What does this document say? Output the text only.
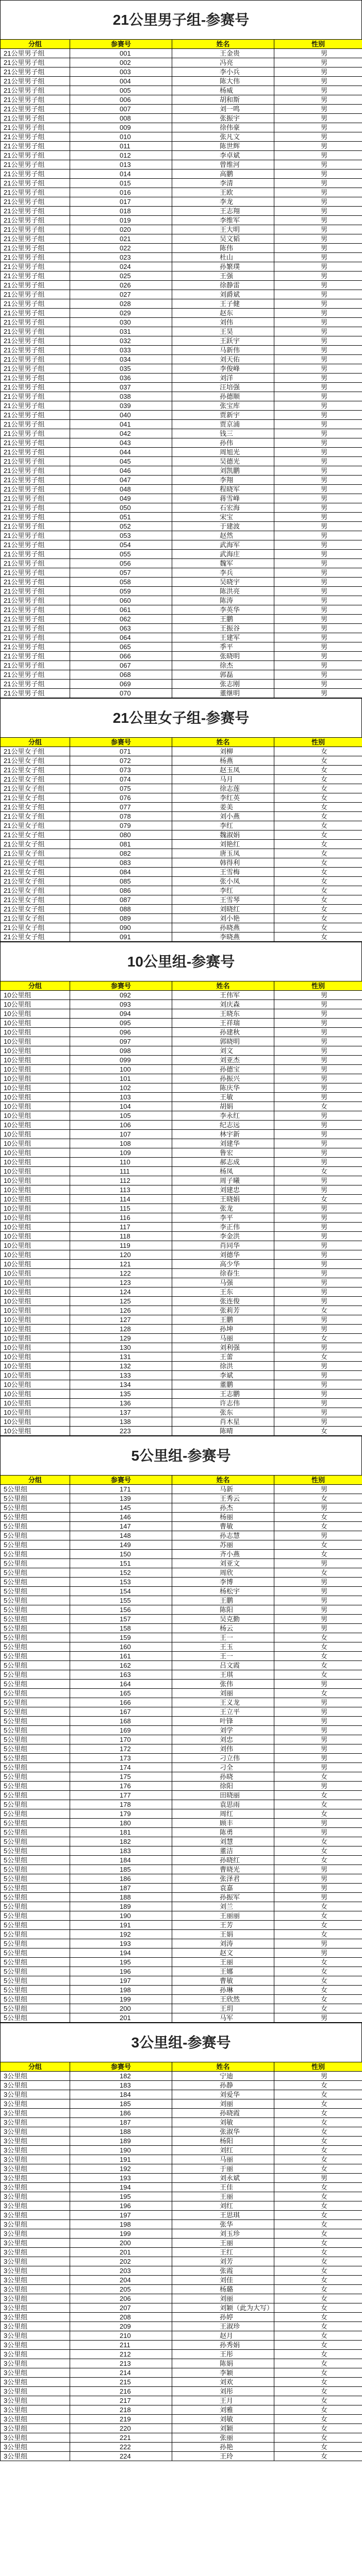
21公里男子组-参赛号
分组	参赛号	姓名	性别
21公里男子组	001	王金贵	男
21公里男子组	002	冯亮	男
21公里男子组	003	李小兵	男
21公里男子组	004	陈大伟	男
21公里男子组	005	杨威	男
21公里男子组	006	胡和斯	男
21公里男子组	007	刘一鸣	男
21公里男子组	008	张振宇	男
21公里男子组	009	徐伟豪	男
21公里男子组	010	张凡文	男
21公里男子组	011	陈世辉	男
21公里男子组	012	李卓斌	男
21公里男子组	013	曾维河	男
21公里男子组	014	高鹏	男
21公里男子组	015	李清	男
21公里男子组	016	王欧	男
21公里男子组	017	李龙	男
21公里男子组	018	王志翔	男
21公里男子组	019	李维军	男
21公里男子组	020	王大明	男
21公里男子组	021	吴文韬	男
21公里男子组	022	陈伟	男
21公里男子组	023	杜山	男
21公里男子组	024	孙繁璞	男
21公里男子组	025	王强	男
21公里男子组	026	徐静雷	男
21公里男子组	027	刘爵斌	男
21公里男子组	028	王子健	男
21公里男子组	029	赵东	男
21公里男子组	030	刘伟	男
21公里男子组	031	王昊	男
21公里男子组	032	王跃宇	男
21公里男子组	033	马新伟	男
21公里男子组	034	刘天佑	男
21公里男子组	035	李俊峰	男
21公里男子组	036	刘洋	男
21公里男子组	037	汪培强	男
21公里男子组	038	孙德顺	男
21公里男子组	039	张宝库	男
21公里男子组	040	贾新宇	男
21公里男子组	041	贾京浦	男
21公里男子组	042	钱三	男
21公里男子组	043	孙伟	男
21公里男子组	044	周旭光	男
21公里男子组	045	吴德光	男
21公里男子组	046	刘凯鹏	男
21公里男子组	047	李翔	男
21公里男子组	048	程晓军	男
21公里男子组	049	蒋雪峰	男
21公里男子组	050	石宏海	男
21公里男子组	051	宋宝	男
21公里男子组	052	于建波	男
21公里男子组	053	赵然	男
21公里男子组	054	武海军	男
21公里男子组	055	武海庄	男
21公里男子组	056	魏军	男
21公里男子组	057	李兵	男
21公里男子组	058	吴晓宇	男
21公里男子组	059	陈洪亮	男
21公里男子组	060	陈涛	男
21公里男子组	061	李英华	男
21公里男子组	062	王鹏	男
21公里男子组	063	王振谷	男
21公里男子组	064	王建军	男
21公里男子组	065	季平	男
21公里男子组	066	张晓明	男
21公里男子组	067	徐杰	男
21公里男子组	068	郭磊	男
21公里男子组	069	张志刚	男
21公里男子组	070	董继明	男
21公里女子组-参赛号
分组	参赛号	姓名	性别
21公里女子组	071	刘柳	女
21公里女子组	072	杨燕	女
21公里女子组	073	赵玉凤	女
21公里女子组	074	马月	女
21公里女子组	075	徐志莲	女
21公里女子组	076	李红英	女
21公里女子组	077	姜美	女
21公里女子组	078	刘小燕	女
21公里女子组	079	李红	女
21公里女子组	080	魏淑娟	女
21公里女子组	081	刘艳红	女
21公里女子组	082	唐玉凤	女
21公里女子组	083	韩得利	女
21公里女子组	084	王雪梅	女
21公里女子组	085	张小凤	女
21公里女子组	086	李红	女
21公里女子组	087	王雪琴	女
21公里女子组	088	刘晓红	女
21公里女子组	089	刘小艳	女
21公里女子组	090	孙晓燕	女
21公里女子组	091	李晓燕	女
10公里组-参赛号
分组	参赛号	姓名	性别
10公里组	092	王伟军	男
10公里组	093	刘庆森	男
10公里组	094	王晓东	男
10公里组	095	王祥瑞	男
10公里组	096	孙建秋	男
10公里组	097	郭晓明	男
10公里组	098	刘文	男
10公里组	099	刘亚杰	男
10公里组	100	孙德宝	男
10公里组	101	孙振兴	男
10公里组	102	陈庆华	男
10公里组	103	王敏	男
10公里组	104	胡娟	女
10公里组	105	李永红	男
10公里组	106	纪志远	男
10公里组	107	林宇新	男
10公里组	108	刘建华	男
10公里组	109	鲁宏	男
10公里组	110	郝志成	男
10公里组	111	杨凤	女
10公里组	112	周子曦	男
10公里组	113	刘建忠	男
10公里组	114	王晓娟	女
10公里组	115	张龙	男
10公里组	116	李平	男
10公里组	117	李正伟	男
10公里组	118	李金洪	男
10公里组	119	肖同华	男
10公里组	120	刘德华	男
10公里组	121	高少华	男
10公里组	122	徐春生	男
10公里组	123	马强	男
10公里组	124	王东	男
10公里组	125	张连俊	男
10公里组	126	张莉芳	女
10公里组	127	王鹏	男
10公里组	128	孙坤	男
10公里组	129	马丽	女
10公里组	130	刘利强	男
10公里组	131	王蕾	女
10公里组	132	徐洪	男
10公里组	133	李斌	男
10公里组	134	董鹏	男
10公里组	135	王志鹏	男
10公里组	136	许志伟	男
10公里组	137	张东	男
10公里组	138	肖木星	男
10公里组	223	陈晴	女
5公里组-参赛号
分组	参赛号	姓名	性别
5公里组	171	马新	男
5公里组	139	王秀云	女
5公里组	145	孙杰	男
5公里组	146	杨丽	女
5公里组	147	曹敏	女
5公里组	148	孙志慧	男
5公里组	149	苏丽	女
5公里组	150	齐小燕	女
5公里组	151	刘亚文	男
5公里组	152	周欣	女
5公里组	153	李博	男
5公里组	154	杨松宇	男
5公里组	155	王鹏	男
5公里组	156	陈阳	男
5公里组	157	吴克勤	男
5公里组	158	杨云	男
5公里组	159	王一	女
5公里组	160	王玉	女
5公里组	161	王一	女
5公里组	162	吕文霞	女
5公里组	163	王琪	女
5公里组	164	张伟	男
5公里组	165	刘丽	女
5公里组	166	王义龙	男
5公里组	167	王立平	男
5公里组	168	叶锋	男
5公里组	169	刘学	男
5公里组	170	刘忠	男
5公里组	172	刘伟	男
5公里组	173	刁立伟	男
5公里组	174	刁全	男
5公里组	175	孙晓	女
5公里组	176	徐阳	男
5公里组	177	田晓丽	女
5公里组	178	袁思雨	女
5公里组	179	周红	女
5公里组	180	顾丰	男
5公里组	181	陈勇	男
5公里组	182	刘慧	女
5公里组	183	董洁	女
5公里组	184	孙晓红	女
5公里组	185	曹晓光	男
5公里组	186	张泽君	男
5公里组	187	袁嘉	男
5公里组	188	孙振军	男
5公里组	189	刘兰	女
5公里组	190	王丽丽	女
5公里组	191	王芳	女
5公里组	192	王娟	女
5公里组	193	刘涛	男
5公里组	194	赵文	男
5公里组	195	王丽	女
5公里组	196	王娜	女
5公里组	197	曹敏	女
5公里组	198	孙琳	女
5公里组	199	王欣然	女
5公里组	200	王玥	女
5公里组	201	马军	男
3公里组-参赛号
分组	参赛号	姓名	性别
3公里组	182	宁迪	男
3公里组	183	孙静	女
3公里组	184	刘爱华	女
3公里组	185	刘丽	女
3公里组	186	孙晓霞	女
3公里组	187	刘敏	女
3公里组	188	张淑华	女
3公里组	189	杨阳	女
3公里组	190	刘红	女
3公里组	191	马丽	女
3公里组	192	于丽	女
3公里组	193	刘永斌	男
3公里组	194	王佳	女
3公里组	195	王丽	女
3公里组	196	刘红	女
3公里组	197	王思琪	女
3公里组	198	张华	女
3公里组	199	刘玉珍	女
3公里组	200	王丽	女
3公里组	201	王红	女
3公里组	202	刘芳	女
3公里组	203	张霞	女
3公里组	204	刘佳	女
3公里组	205	杨璐	女
3公里组	206	刘丽	女
3公里组	207	刘颖（此为大写）	女
3公里组	208	孙婷	女
3公里组	209	王淑珍	女
3公里组	210	赵月	女
3公里组	211	孙秀娟	女
3公里组	212	王彤	女
3公里组	213	陈娟	女
3公里组	214	李颖	女
3公里组	215	刘欢	女
3公里组	216	刘彤	女
3公里组	217	王月	女
3公里组	218	刘雅	女
3公里组	219	刘敏	女
3公里组	220	刘颖	女
3公里组	221	张丽	女
3公里组	222	孙艳	女
3公里组	224	王玲	女
